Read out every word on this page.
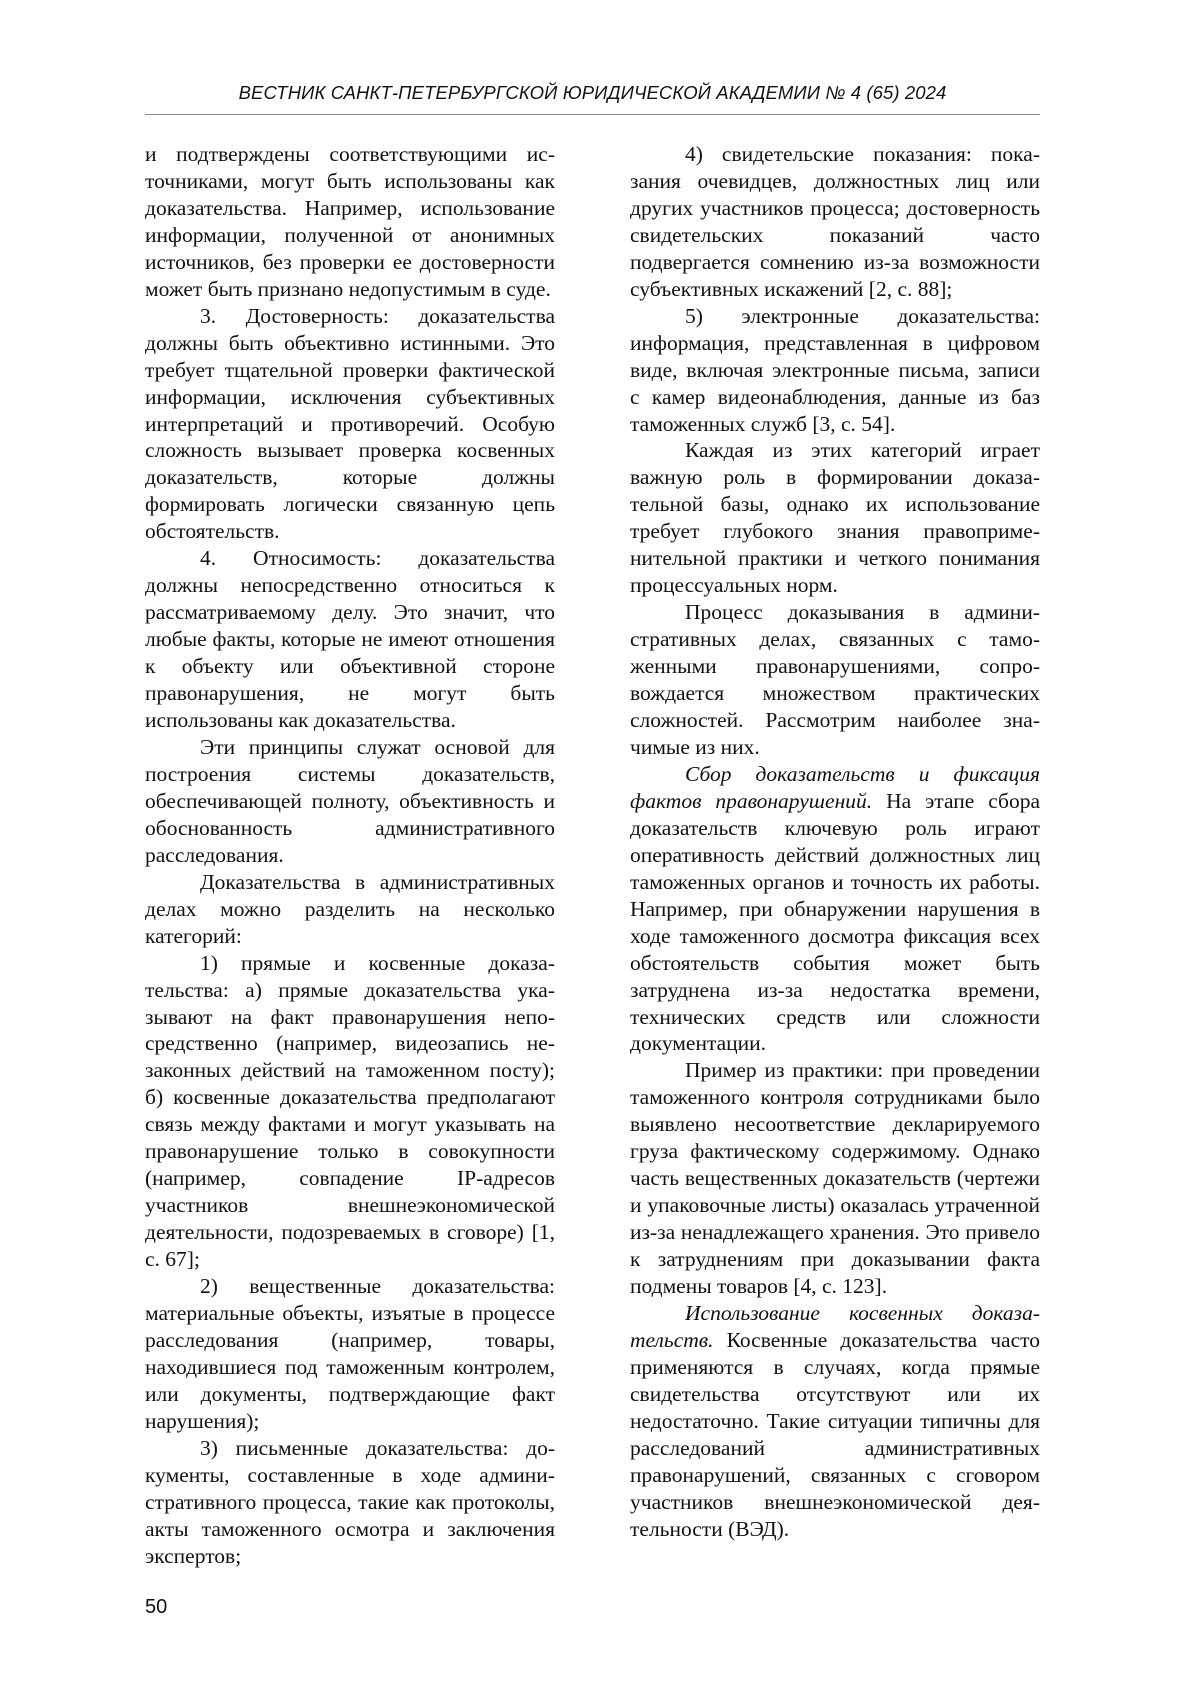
ВЕСТНИК САНКТ-ПЕТЕРБУРГСКОЙ ЮРИДИЧЕСКОЙ АКАДЕМИИ № 4 (65) 2024

и подтверждены соответствующими источниками, могут быть использованы как доказательства. Например, использование информации, полученной от анонимных источников, без проверки ее достоверности может быть признано недопустимым в суде.

3. Достоверность: доказательства должны быть объективно истинными. Это требует тщательной проверки фактической информации, исключения субъективных интерпретаций и противоречий. Особую сложность вызывает проверка косвенных доказательств, которые должны формировать логически связанную цепь обстоятельств.

4. Относимость: доказательства должны непосредственно относиться к рассматриваемому делу. Это значит, что любые факты, которые не имеют отношения к объекту или объективной стороне правонарушения, не могут быть использованы как доказательства.

Эти принципы служат основой для построения системы доказательств, обеспечивающей полноту, объективность и обоснованность административного расследования.

Доказательства в административных делах можно разделить на несколько категорий:

1) прямые и косвенные доказательства: а) прямые доказательства указывают на факт правонарушения непосредственно (например, видеозапись незаконных действий на таможенном посту); б) косвенные доказательства предполагают связь между фактами и могут указывать на правонарушение только в совокупности (например, совпадение IP-адресов участников внешнеэкономической деятельности, подозреваемых в сговоре) [1, с. 67];

2) вещественные доказательства: материальные объекты, изъятые в процессе расследования (например, товары, находившиеся под таможенным контролем, или документы, подтверждающие факт нарушения);

3) письменные доказательства: документы, составленные в ходе административного процесса, такие как протоколы, акты таможенного осмотра и заключения экспертов;

4) свидетельские показания: показания очевидцев, должностных лиц или других участников процесса; достоверность свидетельских показаний часто подвергается сомнению из-за возможности субъективных искажений [2, с. 88];

5) электронные доказательства: информация, представленная в цифровом виде, включая электронные письма, записи с камер видеонаблюдения, данные из баз таможенных служб [3, с. 54].

Каждая из этих категорий играет важную роль в формировании доказательной базы, однако их использование требует глубокого знания правоприменительной практики и четкого понимания процессуальных норм.

Процесс доказывания в административных делах, связанных с таможенными правонарушениями, сопровождается множеством практических сложностей. Рассмотрим наиболее значимые из них.

Сбор доказательств и фиксация фактов правонарушений. На этапе сбора доказательств ключевую роль играют оперативность действий должностных лиц таможенных органов и точность их работы. Например, при обнаружении нарушения в ходе таможенного досмотра фиксация всех обстоятельств события может быть затруднена из-за недостатка времени, технических средств или сложности документации.

Пример из практики: при проведении таможенного контроля сотрудниками было выявлено несоответствие декларируемого груза фактическому содержимому. Однако часть вещественных доказательств (чертежи и упаковочные листы) оказалась утраченной из-за ненадлежащего хранения. Это привело к затруднениям при доказывании факта подмены товаров [4, с. 123].

Использование косвенных доказательств. Косвенные доказательства часто применяются в случаях, когда прямые свидетельства отсутствуют или их недостаточно. Такие ситуации типичны для расследований административных правонарушений, связанных с сговором участников внешнеэкономической деятельности (ВЭД).

50
